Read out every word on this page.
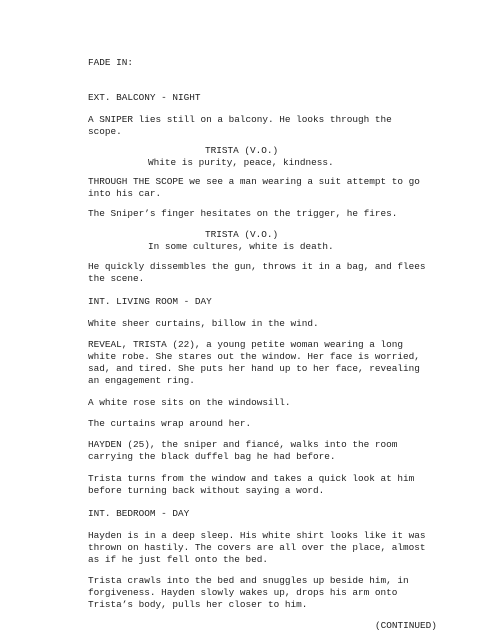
FADE IN:
EXT. BALCONY - NIGHT
A SNIPER lies still on a balcony. He looks through the
scope.
TRISTA (V.O.)
White is purity, peace, kindness.
THROUGH THE SCOPE we see a man wearing a suit attempt to go
into his car.
The Sniper’s finger hesitates on the trigger, he fires.
TRISTA (V.O.)
In some cultures, white is death.
He quickly dissembles the gun, throws it in a bag, and flees
the scene.
INT. LIVING ROOM - DAY
White sheer curtains, billow in the wind.
REVEAL, TRISTA (22), a young petite woman wearing a long
white robe. She stares out the window. Her face is worried,
sad, and tired. She puts her hand up to her face, revealing
an engagement ring.
A white rose sits on the windowsill.
The curtains wrap around her.
HAYDEN (25), the sniper and fiancé, walks into the room
carrying the black duffel bag he had before.
Trista turns from the window and takes a quick look at him
before turning back without saying a word.
INT. BEDROOM - DAY
Hayden is in a deep sleep. His white shirt looks like it was
thrown on hastily. The covers are all over the place, almost
as if he just fell onto the bed.
Trista crawls into the bed and snuggles up beside him, in
forgiveness. Hayden slowly wakes up, drops his arm onto
Trista’s body, pulls her closer to him.
(CONTINUED)
